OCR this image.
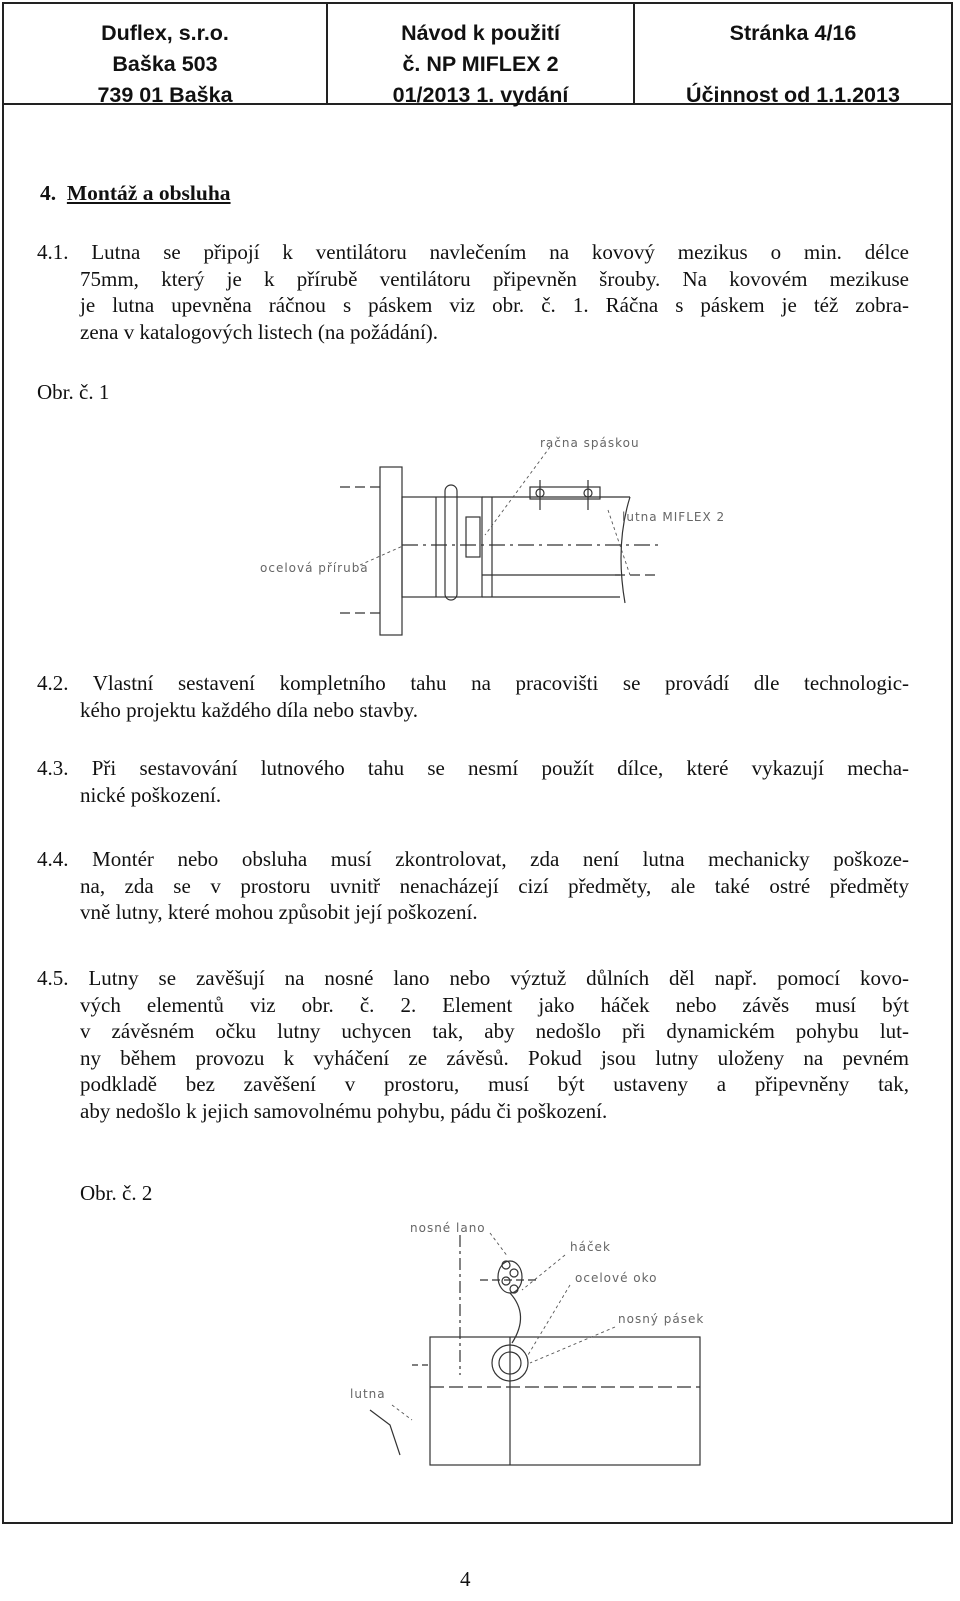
Duflex, s.r.o.
Baška 503
739 01 Baška
Návod k použití
č. NP MIFLEX 2
01/2013 1. vydání
Stránka 4/16
Účinnost od 1.1.2013
4. Montáž a obsluha
4.1. Lutna se připojí k ventilátoru navlečením na kovový mezikus o min. délce
75mm, který je k přírubě ventilátoru připevněn šrouby. Na kovovém mezikuse
je lutna upevněna ráčnou s páskem viz obr. č. 1. Ráčna s páskem je též zobra-
zena v katalogových listech (na požádání).
Obr. č. 1
račna spáskou
lutna MIFLEX 2
ocelová příruba
4.2. Vlastní sestavení kompletního tahu na pracovišti se provádí dle technologic-
kého projektu každého díla nebo stavby.
4.3. Při sestavování lutnového tahu se nesmí použít dílce, které vykazují mecha-
nické poškození.
4.4. Montér nebo obsluha musí zkontrolovat, zda není lutna mechanicky poškoze-
na, zda se v prostoru uvnitř nenacházejí cizí předměty, ale také ostré předměty
vně lutny, které mohou způsobit její poškození.
4.5. Lutny se zavěšují na nosné lano nebo výztuž důlních děl např. pomocí kovo-
vých elementů viz obr. č. 2. Element jako háček nebo závěs musí být
v závěsném očku lutny uchycen tak, aby nedošlo při dynamickém pohybu lut-
ny během provozu k vyháčení ze závěsů. Pokud jsou lutny uloženy na pevném
podkladě bez zavěšení v prostoru, musí být ustaveny a připevněny tak,
aby nedošlo k jejich samovolnému pohybu, pádu či poškození.
Obr. č. 2
nosné lano
háček
ocelové oko
nosný pásek
lutna
4
